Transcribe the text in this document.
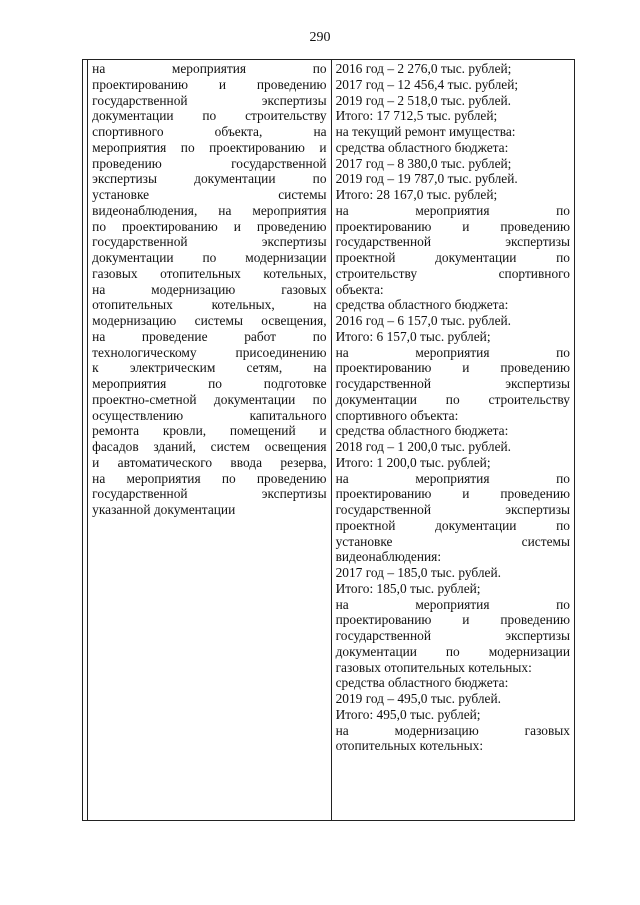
290

на мероприятия по
проектированию и проведению
государственной экспертизы
документации по строительству
спортивного объекта, на
мероприятия по проектированию и
проведению государственной
экспертизы документации по
установке системы
видеонаблюдения, на мероприятия
по проектированию и проведению
государственной экспертизы
документации по модернизации
газовых отопительных котельных,
на модернизацию газовых
отопительных котельных, на
модернизацию системы освещения,
на проведение работ по
технологическому присоединению
к электрическим сетям, на
мероприятия по подготовке
проектно-сметной документации по
осуществлению капитального
ремонта кровли, помещений и
фасадов зданий, систем освещения
и автоматического ввода резерва,
на мероприятия по проведению
государственной экспертизы
указанной документации

2016 год – 2 276,0 тыс. рублей;
2017 год – 12 456,4 тыс. рублей;
2019 год – 2 518,0 тыс. рублей.
Итого: 17 712,5 тыс. рублей;
на текущий ремонт имущества:
средства областного бюджета:
2017 год – 8 380,0 тыс. рублей;
2019 год – 19 787,0 тыс. рублей.
Итого: 28 167,0 тыс. рублей;
на мероприятия по
проектированию и проведению
государственной экспертизы
проектной документации по
строительству спортивного
объекта:
средства областного бюджета:
2016 год – 6 157,0 тыс. рублей.
Итого: 6 157,0 тыс. рублей;
на мероприятия по
проектированию и проведению
государственной экспертизы
документации по строительству
спортивного объекта:
средства областного бюджета:
2018 год – 1 200,0 тыс. рублей.
Итого: 1 200,0 тыс. рублей;
на мероприятия по
проектированию и проведению
государственной экспертизы
проектной документации по
установке системы
видеонаблюдения:
2017 год – 185,0 тыс. рублей.
Итого: 185,0 тыс. рублей;
на мероприятия по
проектированию и проведению
государственной экспертизы
документации по модернизации
газовых отопительных котельных:
средства областного бюджета:
2019 год – 495,0 тыс. рублей.
Итого: 495,0 тыс. рублей;
на модернизацию газовых
отопительных котельных:
